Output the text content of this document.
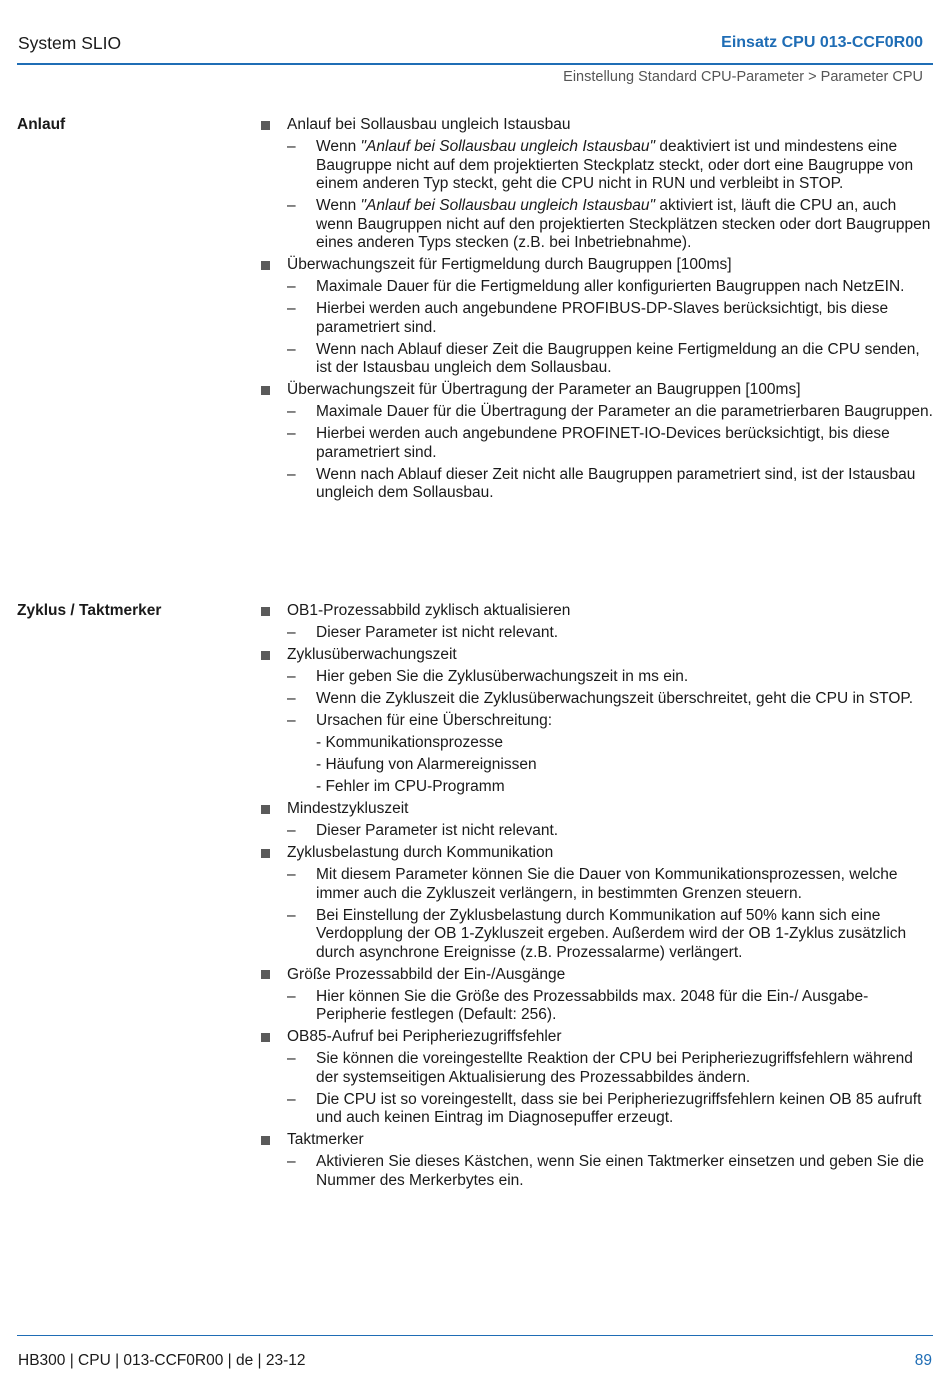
System SLIO	Einsatz CPU 013-CCF0R00
Einstellung Standard CPU-Parameter > Parameter CPU
Anlauf	Anlauf bei Sollausbau ungleich Istausbau
– Wenn "Anlauf bei Sollausbau ungleich Istausbau" deaktiviert ist und mindestens eine Baugruppe nicht auf dem projektierten Steckplatz steckt, oder dort eine Baugruppe von einem anderen Typ steckt, geht die CPU nicht in RUN und verbleibt in STOP.
– Wenn "Anlauf bei Sollausbau ungleich Istausbau" aktiviert ist, läuft die CPU an, auch wenn Baugruppen nicht auf den projektierten Steckplätzen stecken oder dort Baugruppen eines anderen Typs stecken (z.B. bei Inbetriebnahme).
Überwachungszeit für Fertigmeldung durch Baugruppen [100ms]
– Maximale Dauer für die Fertigmeldung aller konfigurierten Baugruppen nach NetzEIN.
– Hierbei werden auch angebundene PROFIBUS-DP-Slaves berücksichtigt, bis diese parametriert sind.
– Wenn nach Ablauf dieser Zeit die Baugruppen keine Fertigmeldung an die CPU senden, ist der Istausbau ungleich dem Sollausbau.
Überwachungszeit für Übertragung der Parameter an Baugruppen [100ms]
– Maximale Dauer für die Übertragung der Parameter an die parametrierbaren Baugruppen.
– Hierbei werden auch angebundene PROFINET-IO-Devices berücksichtigt, bis diese parametriert sind.
– Wenn nach Ablauf dieser Zeit nicht alle Baugruppen parametriert sind, ist der Istausbau ungleich dem Sollausbau.
Zyklus / Taktmerker	OB1-Prozessabbild zyklisch aktualisieren
– Dieser Parameter ist nicht relevant.
Zyklusüberwachungszeit
– Hier geben Sie die Zyklusüberwachungszeit in ms ein.
– Wenn die Zykluszeit die Zyklusüberwachungszeit überschreitet, geht die CPU in STOP.
– Ursachen für eine Überschreitung:
- Kommunikationsprozesse
- Häufung von Alarmereignissen
- Fehler im CPU-Programm
Mindestzykluszeit
– Dieser Parameter ist nicht relevant.
Zyklusbelastung durch Kommunikation
– Mit diesem Parameter können Sie die Dauer von Kommunikationsprozessen, welche immer auch die Zykluszeit verlängern, in bestimmten Grenzen steuern.
– Bei Einstellung der Zyklusbelastung durch Kommunikation auf 50% kann sich eine Verdopplung der OB 1-Zykluszeit ergeben. Außerdem wird der OB 1-Zyklus zusätzlich durch asynchrone Ereignisse (z.B. Prozessalarme) verlängert.
Größe Prozessabbild der Ein-/Ausgänge
– Hier können Sie die Größe des Prozessabbilds max. 2048 für die Ein-/ Ausgabe-Peripherie festlegen (Default: 256).
OB85-Aufruf bei Peripheriezugriffsfehler
– Sie können die voreingestellte Reaktion der CPU bei Peripheriezugriffsfehlern während der systemseitigen Aktualisierung des Prozessabbildes ändern.
– Die CPU ist so voreingestellt, dass sie bei Peripheriezugriffsfehlern keinen OB 85 aufruft und auch keinen Eintrag im Diagnosepuffer erzeugt.
Taktmerker
– Aktivieren Sie dieses Kästchen, wenn Sie einen Taktmerker einsetzen und geben Sie die Nummer des Merkerbytes ein.
HB300 | CPU | 013-CCF0R00 | de | 23-12	89
